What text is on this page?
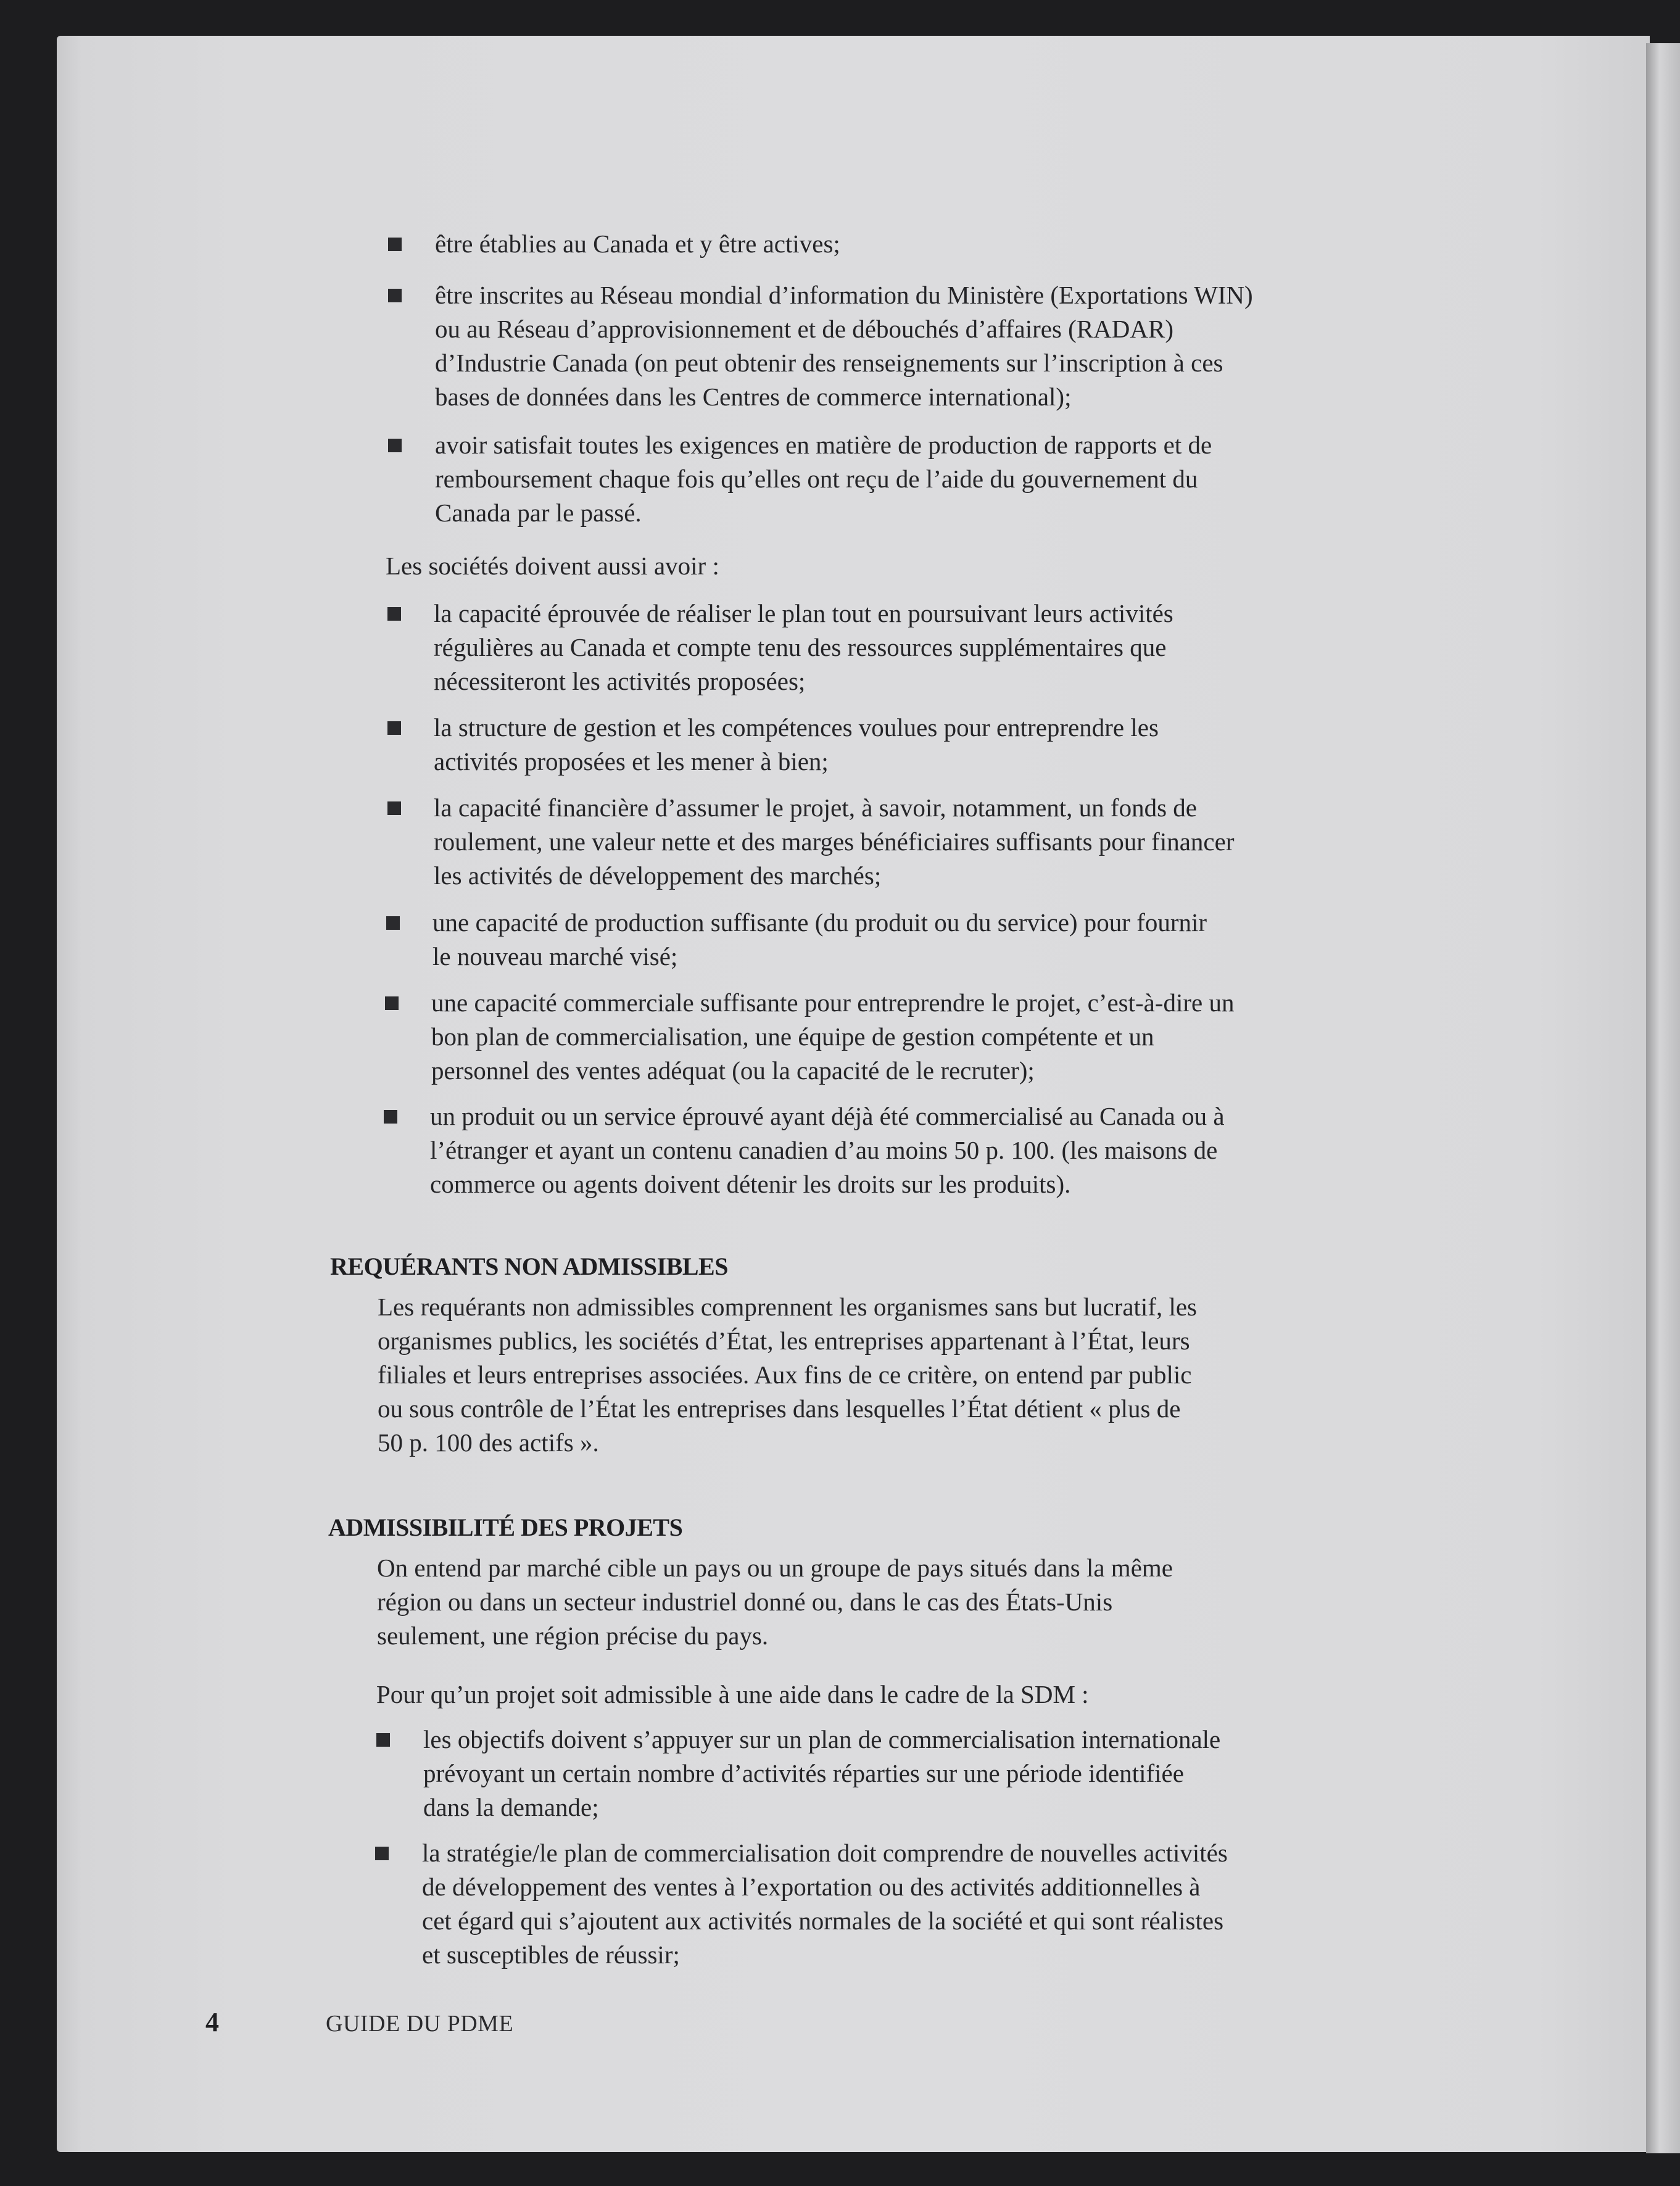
être établies au Canada et y être actives;
être inscrites au Réseau mondial d’information du Ministère (Exportations WIN)
ou au Réseau d’approvisionnement et de débouchés d’affaires (RADAR)
d’Industrie Canada (on peut obtenir des renseignements sur l’inscription à ces
bases de données dans les Centres de commerce international);
avoir satisfait toutes les exigences en matière de production de rapports et de
remboursement chaque fois qu’elles ont reçu de l’aide du gouvernement du
Canada par le passé.
Les sociétés doivent aussi avoir :
la capacité éprouvée de réaliser le plan tout en poursuivant leurs activités
régulières au Canada et compte tenu des ressources supplémentaires que
nécessiteront les activités proposées;
la structure de gestion et les compétences voulues pour entreprendre les
activités proposées et les mener à bien;
la capacité financière d’assumer le projet, à savoir, notamment, un fonds de
roulement, une valeur nette et des marges bénéficiaires suffisants pour financer
les activités de développement des marchés;
une capacité de production suffisante (du produit ou du service) pour fournir
le nouveau marché visé;
une capacité commerciale suffisante pour entreprendre le projet, c’est-à-dire un
bon plan de commercialisation, une équipe de gestion compétente et un
personnel des ventes adéquat (ou la capacité de le recruter);
un produit ou un service éprouvé ayant déjà été commercialisé au Canada ou à
l’étranger et ayant un contenu canadien d’au moins 50 p. 100. (les maisons de
commerce ou agents doivent détenir les droits sur les produits).
REQUÉRANTS NON ADMISSIBLES
Les requérants non admissibles comprennent les organismes sans but lucratif, les
organismes publics, les sociétés d’État, les entreprises appartenant à l’État, leurs
filiales et leurs entreprises associées. Aux fins de ce critère, on entend par public
ou sous contrôle de l’État les entreprises dans lesquelles l’État détient « plus de
50 p. 100 des actifs ».
ADMISSIBILITÉ DES PROJETS
On entend par marché cible un pays ou un groupe de pays situés dans la même
région ou dans un secteur industriel donné ou, dans le cas des États-Unis
seulement, une région précise du pays.
Pour qu’un projet soit admissible à une aide dans le cadre de la SDM :
les objectifs doivent s’appuyer sur un plan de commercialisation internationale
prévoyant un certain nombre d’activités réparties sur une période identifiée
dans la demande;
la stratégie/le plan de commercialisation doit comprendre de nouvelles activités
de développement des ventes à l’exportation ou des activités additionnelles à
cet égard qui s’ajoutent aux activités normales de la société et qui sont réalistes
et susceptibles de réussir;
4	GUIDE DU PDME
